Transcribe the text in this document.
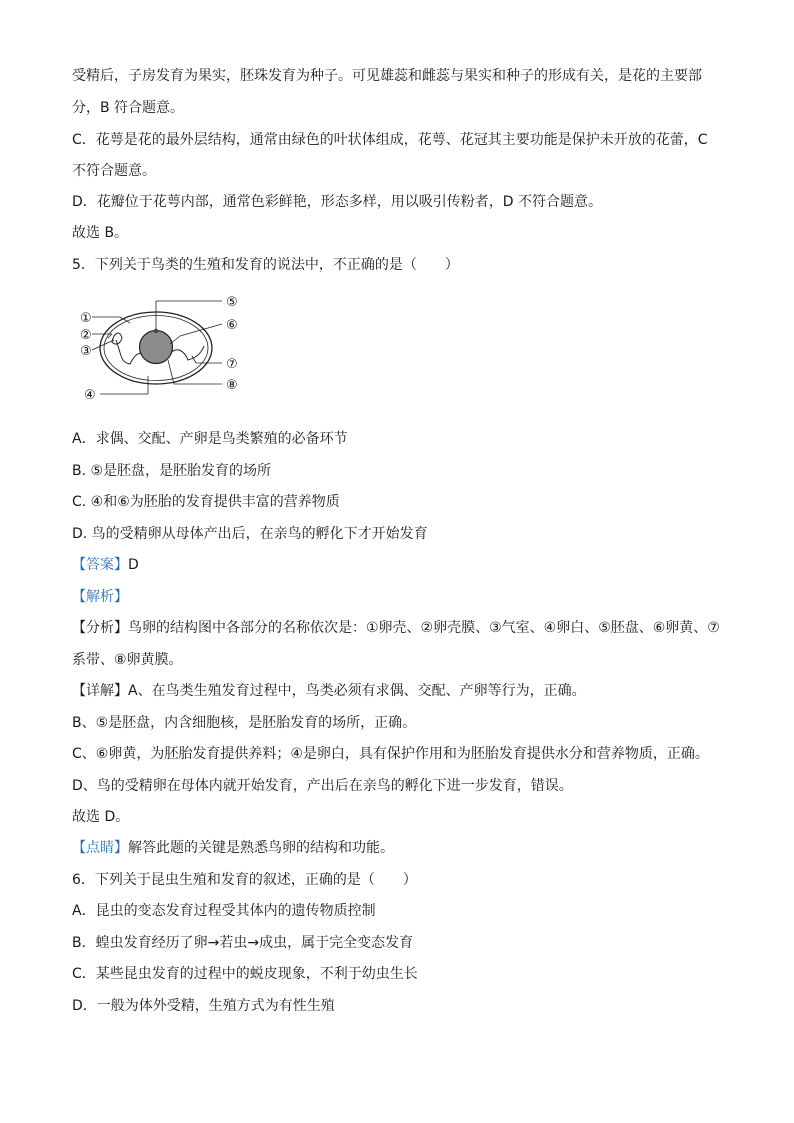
受精后，子房发育为果实，胚珠发育为种子。可见雄蕊和雌蕊与果实和种子的形成有关，是花的主要部
分，B 符合题意。
C．花萼是花的最外层结构，通常由绿色的叶状体组成，花萼、花冠其主要功能是保护未开放的花蕾，C
不符合题意。
D．花瓣位于花萼内部，通常色彩鲜艳，形态多样，用以吸引传粉者，D 不符合题意。
故选 B。
5．下列关于鸟类的生殖和发育的说法中，不正确的是（　　）
①
②
③
④
⑤
⑥
⑦
⑧
A．求偶、交配、产卵是鸟类繁殖的必备环节
B. ⑤是胚盘，是胚胎发育的场所
C. ④和⑥为胚胎的发育提供丰富的营养物质
D. 鸟的受精卵从母体产出后，在亲鸟的孵化下才开始发育
【答案】D
【解析】
【分析】鸟卵的结构图中各部分的名称依次是：①卵壳、②卵壳膜、③气室、④卵白、⑤胚盘、⑥卵黄、⑦
系带、⑧卵黄膜。
【详解】A、在鸟类生殖发育过程中，鸟类必须有求偶、交配、产卵等行为，正确。
B、⑤是胚盘，内含细胞核，是胚胎发育的场所，正确。
C、⑥卵黄，为胚胎发育提供养料；④是卵白，具有保护作用和为胚胎发育提供水分和营养物质，正确。
D、鸟的受精卵在母体内就开始发育，产出后在亲鸟的孵化下进一步发育，错误。
故选 D。
【点睛】解答此题的关键是熟悉鸟卵的结构和功能。
6．下列关于昆虫生殖和发育的叙述，正确的是（　　）
A．昆虫的变态发育过程受其体内的遗传物质控制
B．蝗虫发育经历了卵→若虫→成虫，属于完全变态发育
C．某些昆虫发育的过程中的蜕皮现象，不利于幼虫生长
D．一般为体外受精，生殖方式为有性生殖
